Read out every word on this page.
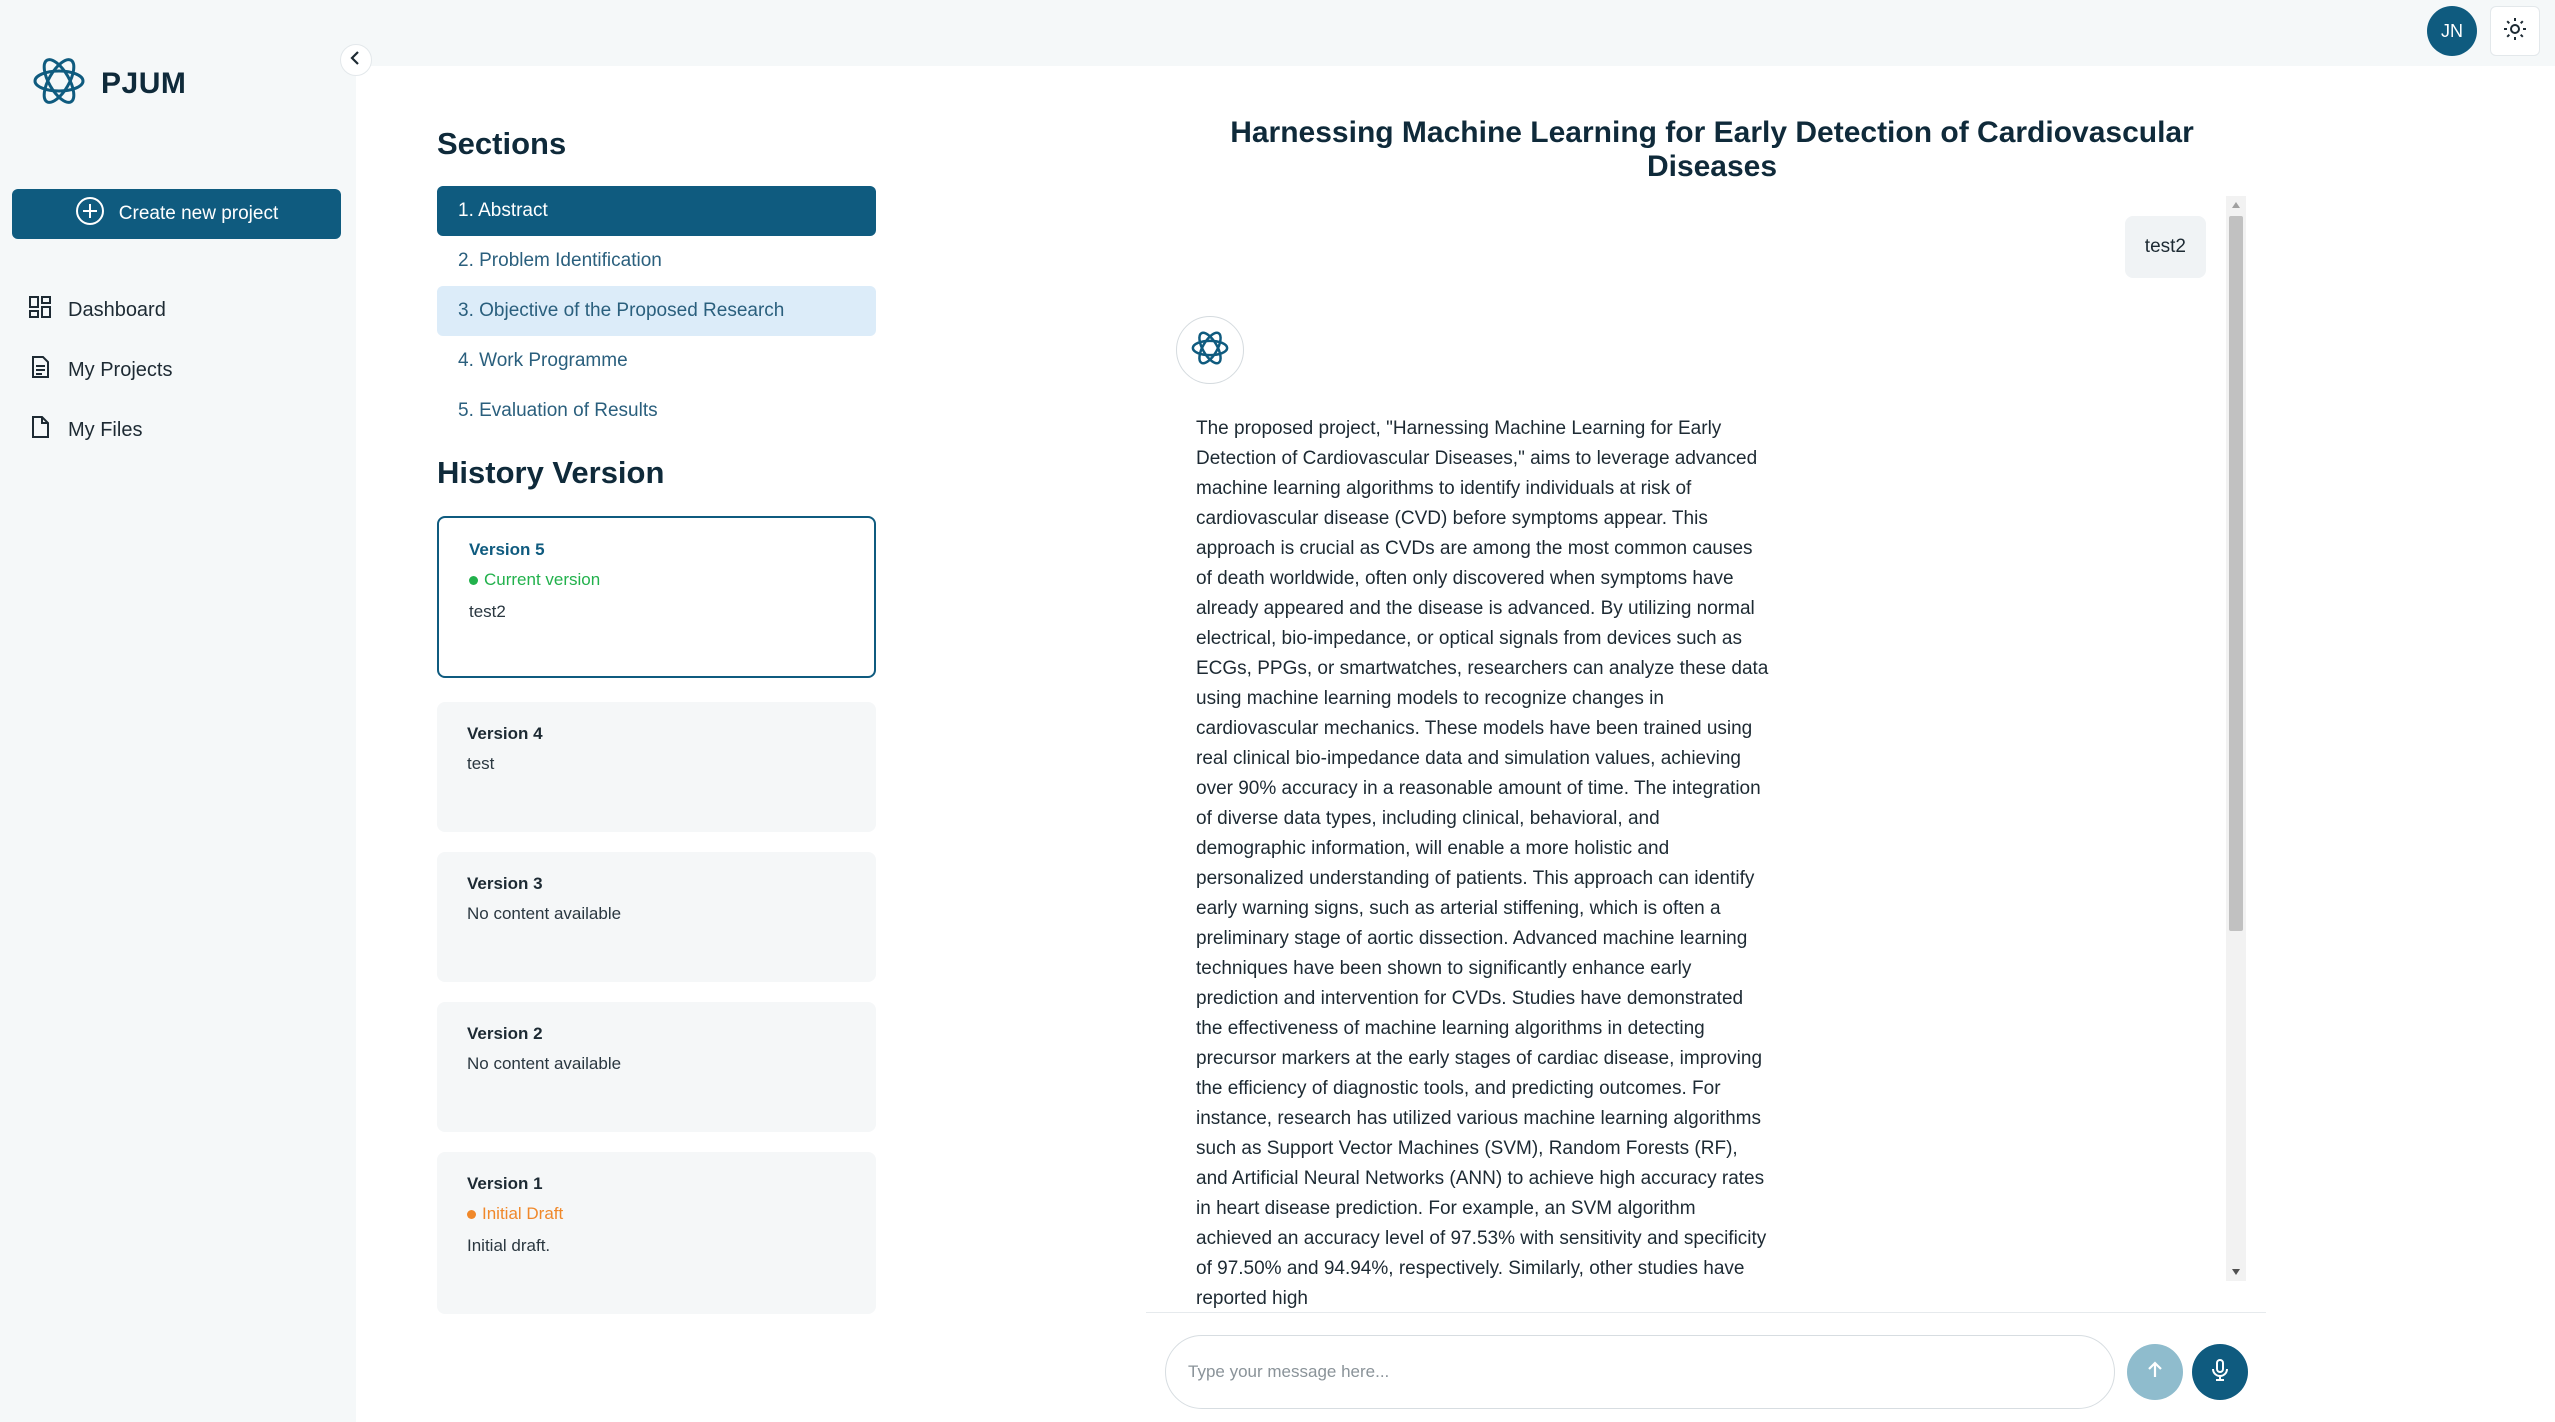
PJUM
Create new project
Dashboard
My Projects
My Files
JN
Sections
1. Abstract
2. Problem Identification
3. Objective of the Proposed Research
4. Work Programme
5. Evaluation of Results
History Version
Version 5
Current version
test2
Version 4
test
Version 3
No content available
Version 2
No content available
Version 1
Initial Draft
Initial draft.
Harnessing Machine Learning for Early Detection of Cardiovascular Diseases
test2
The proposed project, "Harnessing Machine Learning for Early Detection of Cardiovascular Diseases," aims to leverage advanced machine learning algorithms to identify individuals at risk of cardiovascular disease (CVD) before symptoms appear. This approach is crucial as CVDs are among the most common causes of death worldwide, often only discovered when symptoms have already appeared and the disease is advanced. By utilizing normal electrical, bio-impedance, or optical signals from devices such as ECGs, PPGs, or smartwatches, researchers can analyze these data using machine learning models to recognize changes in cardiovascular mechanics. These models have been trained using real clinical bio-impedance data and simulation values, achieving over 90% accuracy in a reasonable amount of time. The integration of diverse data types, including clinical, behavioral, and demographic information, will enable a more holistic and personalized understanding of patients. This approach can identify early warning signs, such as arterial stiffening, which is often a preliminary stage of aortic dissection. Advanced machine learning techniques have been shown to significantly enhance early prediction and intervention for CVDs. Studies have demonstrated the effectiveness of machine learning algorithms in detecting precursor markers at the early stages of cardiac disease, improving the efficiency of diagnostic tools, and predicting outcomes. For instance, research has utilized various machine learning algorithms such as Support Vector Machines (SVM), Random Forests (RF), and Artificial Neural Networks (ANN) to achieve high accuracy rates in heart disease prediction. For example, an SVM algorithm achieved an accuracy level of 97.53% with sensitivity and specificity of 97.50% and 94.94%, respectively. Similarly, other studies have reported high
Type your message here...
